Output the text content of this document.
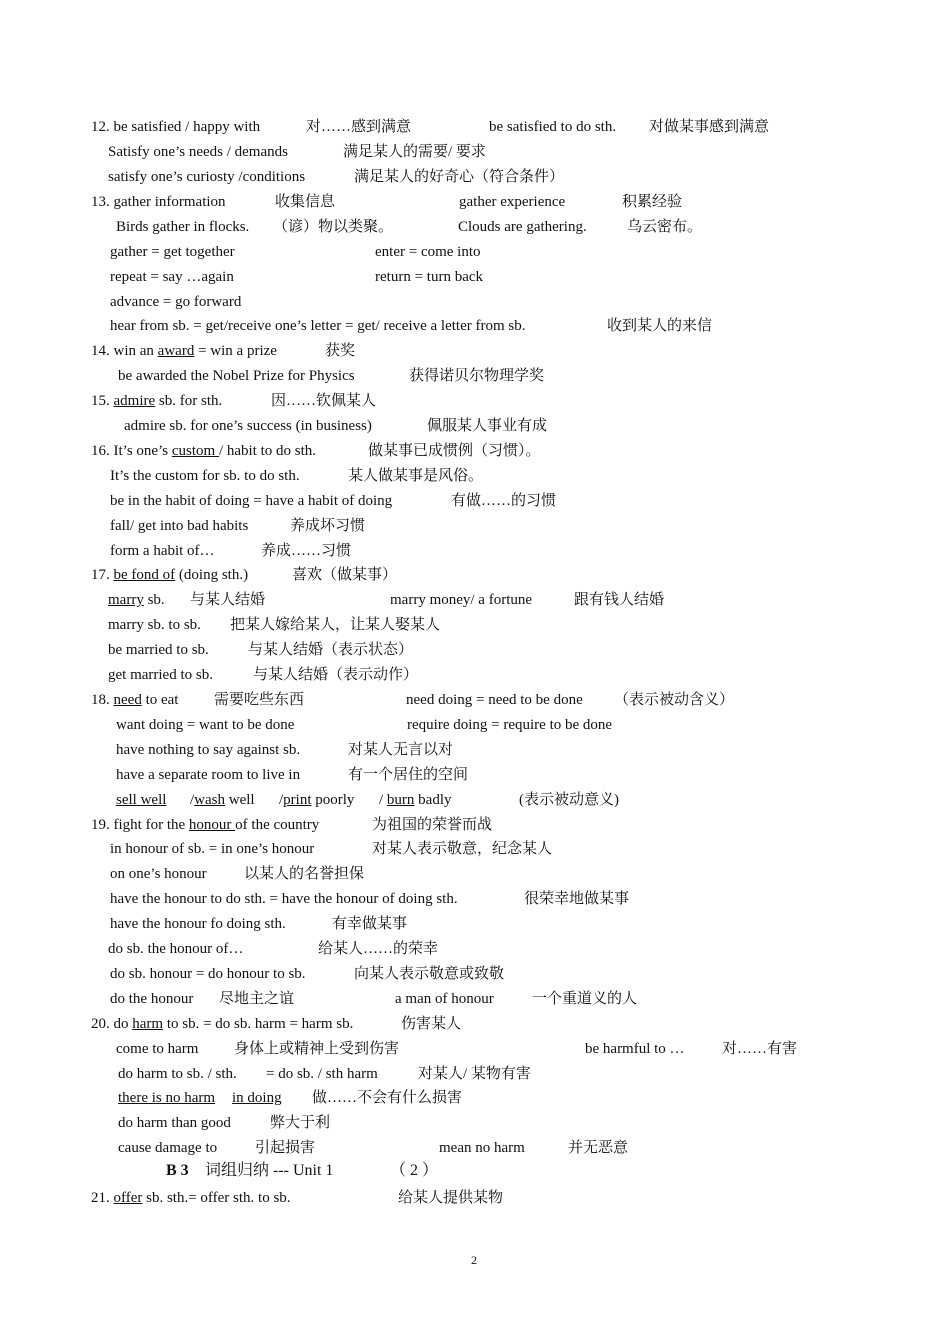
12. be satisfied / happy with	对……感到满意	be satisfied to do sth. 对做某事感到满意
Satisfy one’s needs / demands	满足某人的需要/ 要求
satisfy one’s curiosty /conditions	满足某人的好奇心（符合条件）
13. gather information	收集信息	gather experience	积累经验
Birds gather in flocks. （谚）物以类聚。	Clouds are gathering.	乌云密布。
gather = get together	enter = come into
repeat = say …again	return = turn back
advance = go forward
hear from sb. = get/receive one’s letter = get/ receive a letter from sb.	收到某人的来信
14. win an award = win a prize	获奖
be awarded the Nobel Prize for Physics	获得诺贝尔物理学奖
15. admire sb. for sth.	因……钦佩某人
admire sb. for one’s success (in business)	佩服某人事业有成
16. It’s one’s custom / habit to do sth.	做某事已成惯例（习惯）。
It’s the custom for sb. to do sth.	某人做某事是风俗。
be in the habit of doing = have a habit of doing	有做……的习惯
fall/ get into bad habits	养成坏习惯
form a habit of…	养成……习惯
17. be fond of (doing sth.)	喜欢（做某事）
marry sb. 与某人结婚	marry money/ a fortune	跟有钱人结婚
marry sb. to sb. 把某人嫁给某人，让某人娶某人
be married to sb.	与某人结婚（表示状态）
get married to sb.	与某人结婚（表示动作）
18. need to eat 需要吃些东西	need doing = need to be done （表示被动含义）
want doing = want to be done	require doing = require to be done
have nothing to say against sb.	对某人无言以对
have a separate room to live in	有一个居住的空间
sell well /wash well /print poorly / burn badly	(表示被动意义)
19. fight for the honour of the country	为祖国的荣誉而战
in honour of sb. = in one’s honour	对某人表示敬意，纪念某人
on one’s honour 以某人的名誉担保
have the honour to do sth. = have the honour of doing sth.	很荣幸地做某事
have the honour fo doing sth.	有幸做某事
do sb. the honour of…	给某人……的荣幸
do sb. honour = do honour to sb.	向某人表示敬意或致敬
do the honour 尽地主之谊	a man of honour	一个重道义的人
20. do harm to sb. = do sb. harm = harm sb.	伤害某人
come to harm 身体上或精神上受到伤害	be harmful to … 对……有害
do harm to sb. / sth. = do sb. / sth harm	对某人/ 某物有害
there is no harm in doing 做……不会有什么损害
do harm than good	弊大于利
cause damage to	引起损害	mean no harm	并无恶意
B 3 词组归纳 --- Unit 1	（ 2 ）
21. offer sb. sth.= offer sth. to sb.	给某人提供某物
2
